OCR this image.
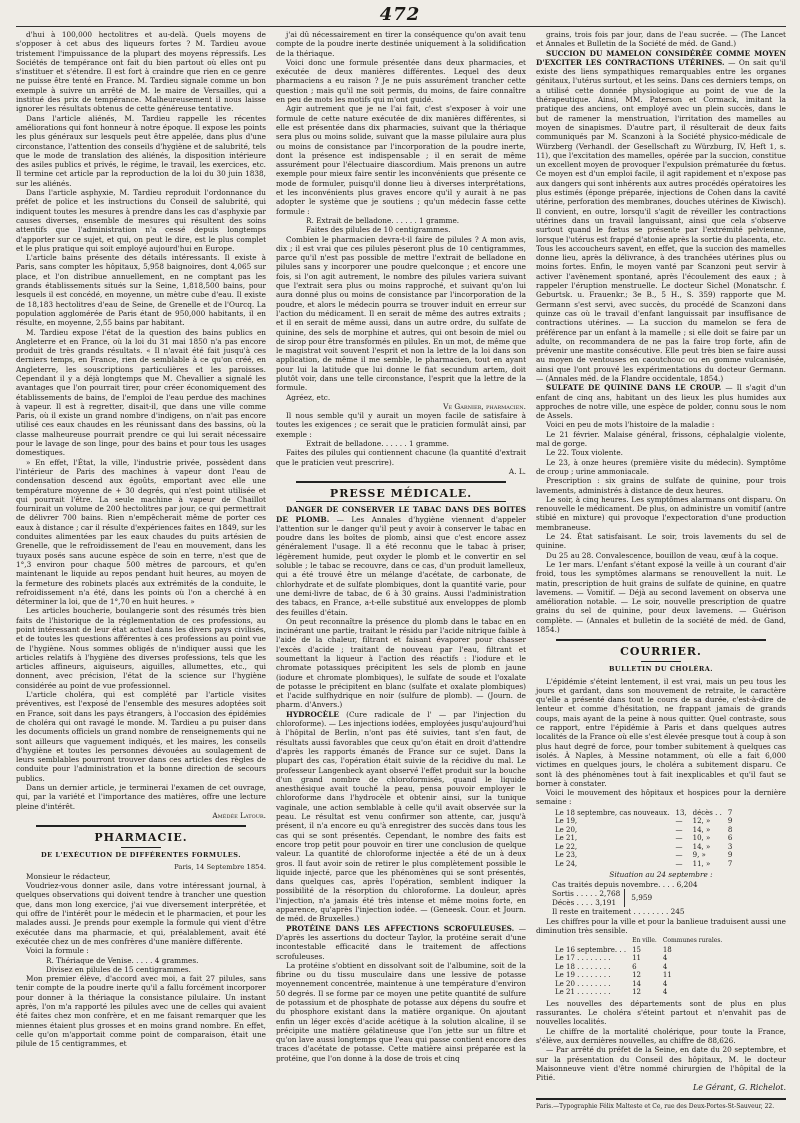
472

d'hui à 100,000 hectolitres et au-delà. Quels moyens de s'opposer à cet abus des liqueurs fortes ? M. Tardieu avoue tristement l'impuissance de la plupart des moyens répressifs. Les Sociétés de tempérance ont fait du bien partout où elles ont pu s'instituer et s'étendre. Il est fort à craindre que rien en ce genre ne puisse être tenté en France. M. Tardieu signale comme un bon exemple à suivre un arrêté de M. le maire de Versailles, qui a institué des prix de tempérance. Malheureusement il nous laisse ignorer les résultats obtenus de cette généreuse tentative.

Dans l'article aliénés, M. Tardieu rappelle les récentes améliorations qui font honneur à notre époque. Il expose les points les plus généraux sur lesquels peut être appelée, dans plus d'une circonstance, l'attention des conseils d'hygiène et de salubrité, tels que le mode de translation des aliénés, la disposition intérieure des asiles publics et privés, le régime, le travail, les exercices, etc. Il termine cet article par la reproduction de la loi du 30 juin 1838, sur les aliénés.

Dans l'article asphyxie, M. Tardieu reproduit l'ordonnance du préfet de police et les instructions du Conseil de salubrité, qui indiquent toutes les mesures à prendre dans les cas d'asphyxie par causes diverses, ensemble de mesures qui résultent des soins attentifs que l'administration n'a cessé depuis longtemps d'apporter sur ce sujet, et qui, on peut le dire, est le plus complet et le plus pratique qui soit employé aujourd'hui en Europe.

L'article bains présente des détails intéressants. Il existe à Paris, sans compter les hôpitaux, 5,958 baignoires, dont 4,065 sur place, et l'on distribue annuellement, en ne comptant pas les grands établissements situés sur la Seine, 1,818,500 bains, pour lesquels il est concédé, en moyenne, un mètre cube d'eau. Il existe de 18,183 hectolitres d'eau de Seine, de Grenelle et de l'Ourcq. La population agglomérée de Paris étant de 950,000 habitants, il en résulte, en moyenne, 2,55 bains par habitant.

M. Tardieu expose l'état de la question des bains publics en Angleterre et en France, où la loi du 31 mai 1850 n'a pas encore produit de très grands résultats. « Il n'avait été fait jusqu'à ces derniers temps, en France, rien de semblable à ce qu'on créé, en Angleterre, les souscriptions particulières et les paroisses. Cependant il y a déjà longtemps que M. Chevallier a signalé les avantages que l'on pourrait tirer, pour créer économiquement des établissements de bains, de l'emploi de l'eau perdue des machines à vapeur. Il est à regretter, disait-il, que dans une ville comme Paris, où il existe un grand nombre d'indigens, on n'ait pas encore utilisé ces eaux chaudes en les réunissant dans des bassins, où la classe malheureuse pourrait prendre ce qui lui serait nécessaire pour le lavage de son linge, pour des bains et pour tous les usages domestiques.

» En effet, l'État, la ville, l'industrie privée, possèdent dans l'intérieur de Paris des machines à vapeur dont l'eau de condensation descend aux égoûts, emportant avec elle une température moyenne de + 30 degrés, qui n'est point utilisée et qui pourrait l'être. La seule machine à vapeur de Chaillot fournirait un volume de 200 hectolitres par jour, ce qui permettrait de délivrer 700 bains. Rien n'empêcherait même de porter ces eaux à distance ; car il résulte d'expériences faites en 1849, sur les conduites alimentées par les eaux chaudes du puits artésien de Grenelle, que le refroidissement de l'eau en mouvement, dans les tuyaux posés sans aucune espèce de soin en terre, n'est que de 1°,3 environ pour chaque 500 mètres de parcours, et qu'en maintenant le liquide au repos pendant huit heures, au moyen de la fermeture des robinets placés aux extrémités de la conduite, le refroidissement n'a été, dans les points où l'on a cherché à en déterminer la loi, que de 1°,70 en huit heures. »

Les articles boucherie, boulangerie sont des résumés très bien faits de l'historique de la réglementation de ces professions, au point intéressant de leur état actuel dans les divers pays civilisés, et de toutes les questions afférentes à ces professions au point vue de l'hygiène. Nous sommes obligés de n'indiquer aussi que les articles relatifs à l'hygiène des diverses professions, tels que les articles affineurs, aiguiseurs, aiguilles, allumettes, etc., qui donnent, avec précision, l'état de la science sur l'hygiène considérée au point de vue professionnel.

L'article choléra, qui est complété par l'article visites préventives, est l'exposé de l'ensemble des mesures adoptées soit en France, soit dans les pays étrangers, à l'occasion des épidémies de choléra qui ont ravagé le monde. M. Tardieu a pu puiser dans les documents officiels un grand nombre de renseignements qui ne sont ailleurs que vaguement indiqués, et les maires, les conseils d'hygiène et toutes les personnes dévouées au soulagement de leurs semblables pourront trouver dans ces articles des règles de conduite pour l'administration et la bonne direction de secours publics.

Dans un dernier article, je terminerai l'examen de cet ouvrage, qui, par la variété et l'importance des matières, offre une lecture pleine d'intérêt.

Amédée Latour.
PHARMACIE.
DE L'EXÉCUTION DE DIFFÉRENTES FORMULES.
Paris, 14 Septembre 1854.

Monsieur le rédacteur,

Voudriez-vous donner asile, dans votre intéressant journal, à quelques observations qui doivent tendre à trancher une question que, dans mon long exercice, j'ai vue diversement interprétée, et qui offre de l'intérêt pour le médecin et le pharmacien, et pour les malades aussi. Je prends pour exemple la formule qui vient d'être exécutée dans ma pharmacie, et qui, préalablement, avait été exécutée chez un de mes confrères d'une manière différente.

Voici la formule :

R. Thériaque de Venise. . . . . 4 grammes.
Divisez en pilules de 15 centigrammes.

Mon premier élève, d'accord avec moi, a fait 27 pilules, sans tenir compte de la poudre inerte qu'il a fallu forcément incorporer pour donner à la thériaque la consistance pilulaire. Un instant après, l'on m'a rapporté les pilules avec une de celles qui avaient été faites chez mon confrère, et en me faisant remarquer que les miennes étaient plus grosses et en moins grand nombre. En effet, celle qu'on m'apportait comme point de comparaison, était une pilule de 15 centigrammes, et

j'ai dû nécessairement en tirer la conséquence qu'on avait tenu compte de la poudre inerte destinée uniquement à la solidification de la thériaque.

Voici donc une formule présentée dans deux pharmacies, et exécutée de deux manières différentes. Lequel des deux pharmaciens a eu raison ? Je ne puis assurément trancher cette question ; mais qu'il me soit permis, du moins, de faire connaître en peu de mots les motifs qui m'ont guidé.

Agir autrement que je ne l'ai fait, c'est s'exposer à voir une formule de cette nature exécutée de dix manières différentes, si elle est présentée dans dix pharmacies, suivant que la thériaque sera plus ou moins solide, suivant que la masse pilulaire aura plus ou moins de consistance par l'incorporation de la poudre inerte, dont la présence est indispensable ; il en serait de même assurément pour l'électuaire diascordium. Mais prenons un autre exemple pour mieux faire sentir les inconvénients que présente ce mode de formuler, puisqu'il donne lieu à diverses interprétations, et les inconvénients plus graves encore qu'il y aurait à ne pas adopter le système que je soutiens ; qu'un médecin fasse cette formule :

R. Extrait de belladone. . . . . . 1 gramme.
Faites des pilules de 10 centigrammes.

Combien le pharmacien devra-t-il faire de pilules ? A mon avis, dix ; il est vrai que ces pilules pèseront plus de 10 centigrammes, parce qu'il n'est pas possible de mettre l'extrait de belladone en pilules sans y incorporer une poudre quelconque ; et encore une fois, si l'on agit autrement, le nombre des pilules variera suivant que l'extrait sera plus ou moins rapproché, et suivant qu'on lui aura donné plus ou moins de consistance par l'incorporation de la poudre, et alors le médecin pourra se trouver induit en erreur sur l'action du médicament. Il en serait de même des autres extraits ; et il en serait de même aussi, dans un autre ordre, du sulfate de quinine, des sels de morphine et autres, qui ont besoin de miel ou de sirop pour être transformés en pilules. En un mot, de même que le magistrat voit souvent l'esprit et non la lettre de la loi dans son application, de même il me semble, le pharmacien, tout en ayant pour lui la latitude que lui donne le fiat secundum artem, doit plutôt voir, dans une telle circonstance, l'esprit que la lettre de la formule.

Agréez, etc.

Ve Garnier, pharmacien.

Il nous semble qu'il y aurait un moyen facile de satisfaire à toutes les exigences ; ce serait que le praticien formulât ainsi, par exemple :

Extrait de belladone. . . . . . 1 gramme.

Faites des pilules qui contiennent chacune (la quantité d'extrait que le praticien veut prescrire).

A. L.
PRESSE MÉDICALE.

DANGER DE CONSERVER LE TABAC DANS DES BOITES DE PLOMB. — Les Annales d'hygiène viennent d'appeler l'attention sur le danger qu'il peut y avoir à conserver le tabac en poudre dans les boîtes de plomb, ainsi que c'est encore assez généralement l'usage. Il a été reconnu que le tabac à priser, légèrement humide, peut oxyder le plomb et le convertir en sel soluble ; le tabac se recouvre, dans ce cas, d'un produit lamelleux, qui a été trouvé être un mélange d'acétate, de carbonate, de chlorhydrate et de sulfate plombiques, dont la quantité varie, pour une demi-livre de tabac, de 6 à 30 grains. Aussi l'administration des tabacs, en France, a-t-elle substitué aux enveloppes de plomb des feuilles d'étain.

On peut reconnaître la présence du plomb dans le tabac en en incinérant une partie, traitant le résidu par l'acide nitrique faible à l'aide de la chaleur, filtrant et faisant évaporer pour chasser l'excès d'acide ; traitant de nouveau par l'eau, filtrant et soumettant la liqueur à l'action des réactifs : l'iodure et le chromate potassiques précipitent les sels de plomb en jaune (iodure et chromate plombiques), le sulfate de soude et l'oxalate de potasse le précipitent en blanc (sulfate et oxalate plombiques) et l'acide sulfhydrique en noir (sulfure de plomb). — (Journ. de pharm. d'Anvers.)

HYDROCÈLE (Cure radicale de l' — par l'injection du chloroforme). — Les injections iodées, employées jusqu'aujourd'hui à l'hôpital de Berlin, n'ont pas été suivies, tant s'en faut, de résultats aussi favorables que ceux qu'on était en droit d'attendre d'après les rapports émanés de France sur ce sujet. Dans la plupart des cas, l'opération était suivie de la récidive du mal. Le professeur Langenbeck ayant observé l'effet produit sur la bouche d'un grand nombre de chloroformisés, quand le liquide anesthésique avait touché la peau, pensa pouvoir employer le chloroforme dans l'hydrocèle et obtenir ainsi, sur la tunique vaginale, une action semblable à celle qu'il avait observée sur la peau. Le résultat est venu confirmer son attente, car, jusqu'à présent, il n'a encore eu qu'à enregistrer des succès dans tous les cas qui se sont présentés. Cependant, le nombre des faits est encore trop petit pour pouvoir en tirer une conclusion de quelque valeur. La quantité de chloroforme injectée a été de un à deux gros. Il faut avoir soin de retirer le plus complètement possible le liquide injecté, parce que les phénomènes qui se sont présentés, dans quelques cas, après l'opération, semblent indiquer la possibilité de la résorption du chloroforme. La douleur, après l'injection, n'a jamais été très intense et même moins forte, en apparence, qu'après l'injection iodée. — (Geneesk. Cour. et Journ. de méd. de Bruxelles.)

PROTÉINE DANS LES AFFECTIONS SCROFULEUSES. — D'après les assertions du docteur Taylor, la protéine serait d'une incontestable efficacité dans le traitement de affections scrofuleuses.

La protéine s'obtient en dissolvant soit de l'albumine, soit de la fibrine ou du tissu musculaire dans une lessive de potasse moyennement concentrée, maintenue à une température d'environ 50 degrés. Il se forme par ce moyen une petite quantité de sulfure de potassium et de phosphate de potasse aux dépens du soufre et du phosphore existant dans la matière organique. On ajoutant enfin un léger excès d'acide acétique à la solution alcaline, il se précipite une matière gélatineuse que l'on jette sur un filtre et qu'on lave aussi longtemps que l'eau qui passe contient encore des traces d'acétate de potasse. Cette matière ainsi préparée est la protéine, que l'on donne à la dose de trois et cinq

grains, trois fois par jour, dans de l'eau sucrée. — (The Lancet et Annales et Bulletin de la Société de méd. de Gand.)

SUCCION DU MAMELON CONSIDÉRÉE COMME MOYEN D'EXCITER LES CONTRACTIONS UTÉRINES. — On sait qu'il existe des liens sympathiques remarquables entre les organes génitaux, l'utérus surtout, et les seins. Dans ces derniers temps, on a utilisé cette donnée physiologique au point de vue de la thérapeutique. Ainsi, MM. Paterson et Cormack, imitant la pratique des anciens, ont employé avec un plein succès, dans le but de ramener la menstruation, l'irritation des mamelles au moyen de sinapismes. D'autre part, il résulterait de deux faits communiqués par M. Scanzoni à la Société physico-médicale de Würzberg (Verhandl. der Gesellschaft zu Würzburg, IV, Heft 1, s. 11), que l'excitation des mamelles, opérée par la succion, constitue un excellent moyen de provoquer l'expulsion prématurée du fœtus. Ce moyen est d'un emploi facile, il agit rapidement et n'expose pas aux dangers qui sont inhérents aux autres procédés opératoires les plus estimés (éponge préparée, injections de Cohen dans la cavité utérine, perforation des membranes, douches utérines de Kiwisch). Il convient, en outre, lorsqu'il s'agit de réveiller les contractions utérines dans un travail languissant, ainsi que cela s'observe surtout quand le fœtus se présente par l'extrémité pelvienne, lorsque l'utérus est frappé d'atonie après la sortie du placenta, etc. Tous les accoucheurs savent, en effet, que la succion des mamelles donne lieu, après la délivrance, à des tranchées utérines plus ou moins fortes. Enfin, le moyen vanté par Scanzoni peut servir à activer l'avènement spontané, après l'écoulement des eaux ; à rappeler l'éruption menstruelle. Le docteur Sichel (Monatschr. f. Geburtsk. u. Frauenkr.; 3e B., 5 H., S. 359) rapporte que M. Germann s'est servi, avec succès, du procédé de Scanzoni dans quinze cas où le travail d'enfant languissait par insuffisance de contractions utérines. — La succion du mamelon se fera de préférence par un enfant à la mamelle ; si elle doit se faire par un adulte, on recommandera de ne pas la faire trop forte, afin de prévenir une mastite consécutive. Elle peut très bien se faire aussi au moyen de ventouses en caoutchouc ou en gomme vulcanisée, ainsi que l'ont prouvé les expérimentations du docteur Germann. — (Annales méd. de la Flandre occidentale, 1854.)

SULFATE DE QUININE DANS LE CROUP. — Il s'agit d'un enfant de cinq ans, habitant un des lieux les plus humides aux approches de notre ville, une espèce de polder, connu sous le nom de Assels.

Voici en peu de mots l'histoire de la maladie :

Le 21 février. Malaise général, frissons, céphalalgie violente, mal de gorge.

Le 22. Toux violente.

Le 23, à onze heures (première visite du médecin). Symptôme de croup ; urine ammoniacale.

Prescription : six grains de sulfate de quinine, pour trois lavements, administrés à distance de deux heures.

Le soir, à cinq heures. Les symptômes alarmans ont disparu. On renouvelle le médicament. De plus, on administre un vomitif (antre stibié en mixture) qui provoque l'expectoration d'une production membraneuse.

Le 24. État satisfaisant. Le soir, trois lavements du sel de quinine.

Du 25 au 28. Convalescence, bouillon de veau, œuf à la coque.

Le 1er mars. L'enfant s'étant exposé la veille à un courant d'air froid, tous les symptômes alarmans se renouvellent la nuit. Le matin, prescription de huit grains de sulfate de quinine, en quatre lavemens. — Vomitif. — Déjà au second lavement on observa une amélioration notable. — Le soir, nouvelle prescription de quatre grains du sel de quinine, pour deux lavemens. — Guérison complète. — (Annales et bulletin de la société de méd. de Gand, 1854.)

COURRIER.
BULLETIN DU CHOLÉRA.

L'épidémie s'éteint lentement, il est vrai, mais un peu tous les jours et gardant, dans son mouvement de retraite, le caractère qu'elle a présenté dans tout le cours de sa durée, c'est-à-dire de lenteur et comme d'hésitation, ne frappant jamais de grands coups, mais ayant de la peine à nous quitter. Quel contraste, sous ce rapport, entre l'épidémie à Paris et dans quelques autres localités de la France où elle s'est élevée presque tout à coup à son plus haut degré de force, pour tomber subitement à quelques cas isolés. À Naples, à Messine notamment, où elle a fait 6,000 victimes en quelques jours, le choléra a subitement disparu. Ce sont là des phénomènes tout à fait inexplicables et qu'il faut se borner à constater.

Voici le mouvement des hôpitaux et hospices pour la dernière semaine :

Le 18 septembre, cas nouveaux.	13,	décès . .	7
Le 19,	—	12, »	9
Le 20,	—	14, »	8
Le 21,	—	10, »	6
Le 22,	—	14, »	3
Le 23,	—	9, »	9
Le 24,	—	11, »	7
Situation au 24 septembre :
Cas traités depuis novembre. . . . 6,204
Sortis . . . . . 2,768
Décès . . . . 3,191
5,959
Il reste en traitement . . . . . . . . 245

Les chiffres pour la ville et pour la banlieue traduisent aussi une diminution très sensible.

	En ville.	Communes rurales.
Le 16 septembre. . .	15	18
Le 17 . . . . . . . .	11	4
Le 18 . . . . . . . .	6	4
Le 19 . . . . . . . .	12	11
Le 20 . . . . . . . .	14	4
Le 21 . . . . . . . .	12	4

Les nouvelles des départements sont de plus en plus rassurantes. Le choléra s'éteint partout et n'envahit pas de nouvelles localités.

Le chiffre de la mortalité cholérique, pour toute la France, s'élève, aux dernières nouvelles, au chiffre de 88,626.

— Par arrêté du préfet de la Seine, en date du 20 septembre, et sur la présentation du Conseil des hôpitaux, M. le docteur Maisonneuve vient d'être nommé chirurgien de l'hôpital de la Pitié.

Le Gérant, G. Richelot.
Paris.—Typographie Félix Malteste et Ce, rue des Deux-Portes-St-Sauveur, 22.
